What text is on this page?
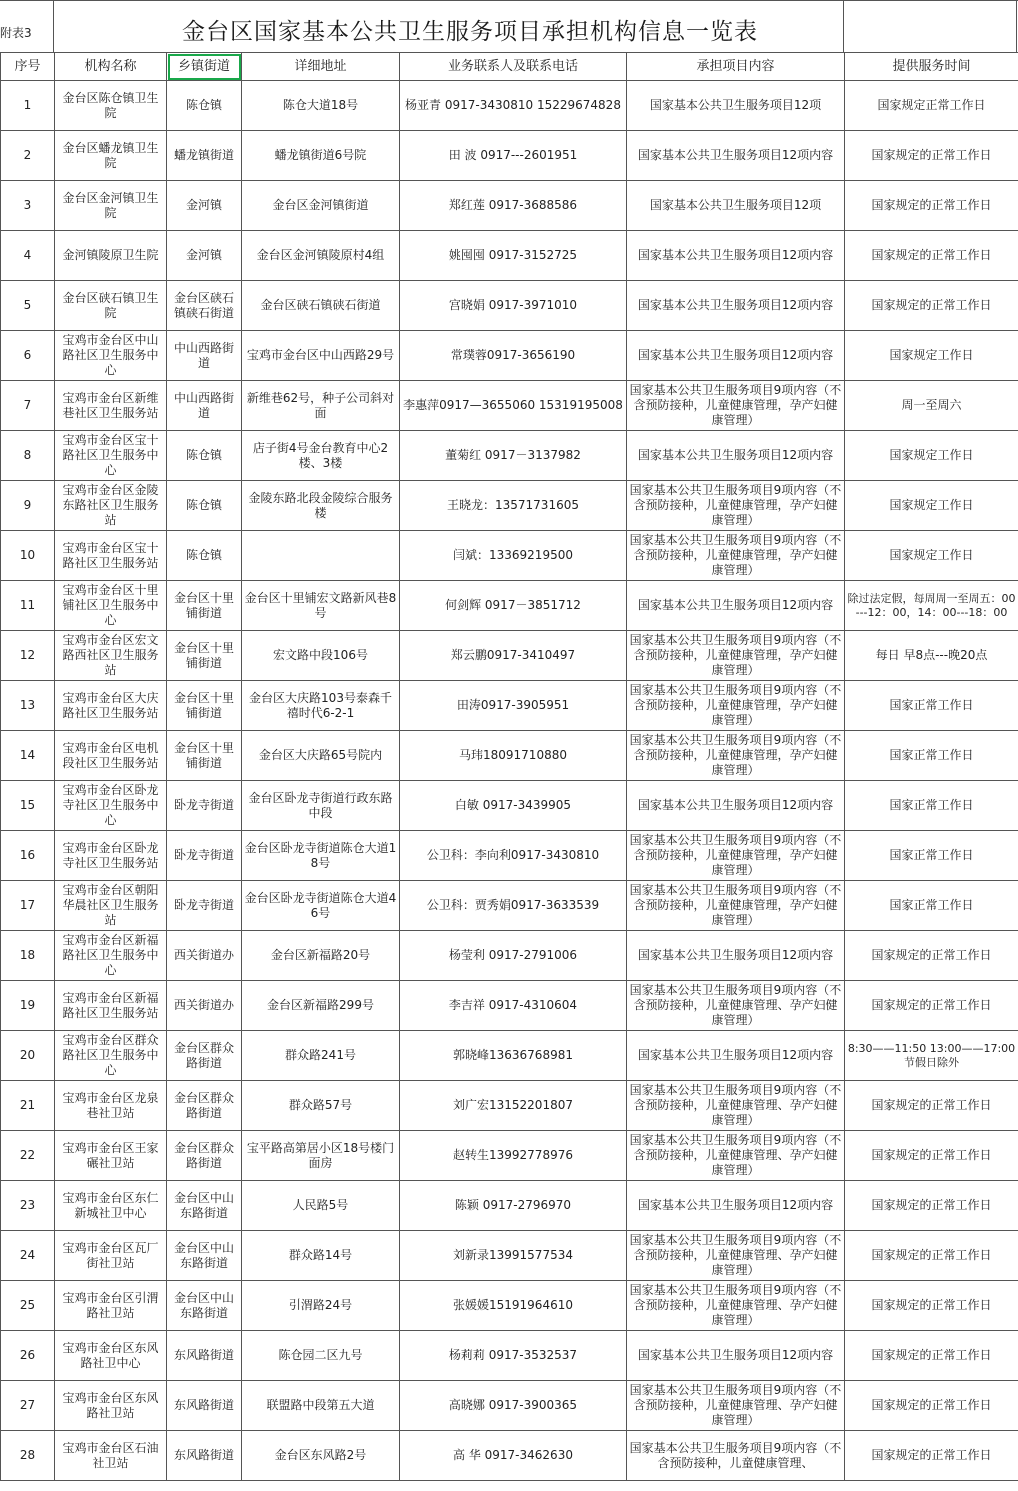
附表3	金台区国家基本公共卫生服务项目承担机构信息一览表
序号	机构名称	乡镇街道	详细地址	业务联系人及联系电话	承担项目内容	提供服务时间
1	金台区陈仓镇卫生院	陈仓镇	陈仓大道18号	杨亚青 0917-3430810 15229674828	国家基本公共卫生服务项目12项	国家规定正常工作日
2	金台区蟠龙镇卫生院	蟠龙镇街道	蟠龙镇街道6号院	田 波 0917---2601951	国家基本公共卫生服务项目12项内容	国家规定的正常工作日
3	金台区金河镇卫生院	金河镇	金台区金河镇街道	郑红莲 0917-3688586	国家基本公共卫生服务项目12项	国家规定的正常工作日
4	金河镇陵原卫生院	金河镇	金台区金河镇陵原村4组	姚囤囤 0917-3152725	国家基本公共卫生服务项目12项内容	国家规定的正常工作日
5	金台区硖石镇卫生院	金台区硖石镇硖石街道	金台区硖石镇硖石街道	宫晓娟 0917-3971010	国家基本公共卫生服务项目12项内容	国家规定的正常工作日
6	宝鸡市金台区中山路社区卫生服务中心	中山西路街道	宝鸡市金台区中山西路29号	常璞蓉0917-3656190	国家基本公共卫生服务项目12项内容	国家规定工作日
7	宝鸡市金台区新维巷社区卫生服务站	中山西路街道	新维巷62号，种子公司斜对面	李惠萍0917—3655060 15319195008	国家基本公共卫生服务项目9项内容（不含预防接种，儿童健康管理，孕产妇健康管理）	周一至周六
8	宝鸡市金台区宝十路社区卫生服务中心	陈仓镇	店子街4号金台教育中心2楼、3楼	董菊红 0917－3137982	国家基本公共卫生服务项目12项内容	国家规定工作日
9	宝鸡市金台区金陵东路社区卫生服务站	陈仓镇	金陵东路北段金陵综合服务楼	王晓龙：13571731605	国家基本公共卫生服务项目9项内容（不含预防接种，儿童健康管理，孕产妇健康管理）	国家规定工作日
10	宝鸡市金台区宝十路社区卫生服务站	陈仓镇		闫斌：13369219500	国家基本公共卫生服务项目9项内容（不含预防接种，儿童健康管理，孕产妇健康管理）	国家规定工作日
11	宝鸡市金台区十里铺社区卫生服务中心	金台区十里铺街道	金台区十里铺宏文路新风巷8号	何剑辉 0917－3851712	国家基本公共卫生服务项目12项内容	除过法定假，每周周一至周五：00---12：00，14：00---18：00
12	宝鸡市金台区宏文路西社区卫生服务站	金台区十里铺街道	宏文路中段106号	郑云鹏0917-3410497	国家基本公共卫生服务项目9项内容（不含预防接种，儿童健康管理，孕产妇健康管理）	每日 早8点---晚20点
13	宝鸡市金台区大庆路社区卫生服务站	金台区十里铺街道	金台区大庆路103号泰森千禧时代6-2-1	田涛0917-3905951	国家基本公共卫生服务项目9项内容（不含预防接种，儿童健康管理，孕产妇健康管理）	国家正常工作日
14	宝鸡市金台区电机段社区卫生服务站	金台区十里铺街道	金台区大庆路65号院内	马玮18091710880	国家基本公共卫生服务项目9项内容（不含预防接种，儿童健康管理，孕产妇健康管理）	国家正常工作日
15	宝鸡市金台区卧龙寺社区卫生服务中心	卧龙寺街道	金台区卧龙寺街道行政东路中段	白敏 0917-3439905	国家基本公共卫生服务项目12项内容	国家正常工作日
16	宝鸡市金台区卧龙寺社区卫生服务站	卧龙寺街道	金台区卧龙寺街道陈仓大道18号	公卫科：李向利0917-3430810	国家基本公共卫生服务项目9项内容（不含预防接种，儿童健康管理，孕产妇健康管理）	国家正常工作日
17	宝鸡市金台区朝阳华晨社区卫生服务站	卧龙寺街道	金台区卧龙寺街道陈仓大道46号	公卫科：贾秀娟0917-3633539	国家基本公共卫生服务项目9项内容（不含预防接种，儿童健康管理，孕产妇健康管理）	国家正常工作日
18	宝鸡市金台区新福路社区卫生服务中心	西关街道办	金台区新福路20号	杨莹利 0917-2791006	国家基本公共卫生服务项目12项内容	国家规定的正常工作日
19	宝鸡市金台区新福路社区卫生服务站	西关街道办	金台区新福路299号	李吉祥 0917-4310604	国家基本公共卫生服务项目9项内容（不含预防接种，儿童健康管理、孕产妇健康管理）	国家规定的正常工作日
20	宝鸡市金台区群众路社区卫生服务中心	金台区群众路街道	群众路241号	郭晓峰13636768981	国家基本公共卫生服务项目12项内容	8:30——11:50 13:00——17:00 节假日除外
21	宝鸡市金台区龙泉巷社卫站	金台区群众路街道	群众路57号	刘广宏13152201807	国家基本公共卫生服务项目9项内容（不含预防接种，儿童健康管理、孕产妇健康管理）	国家规定的正常工作日
22	宝鸡市金台区王家碾社卫站	金台区群众路街道	宝平路高第居小区18号楼门面房	赵转生13992778976	国家基本公共卫生服务项目9项内容（不含预防接种，儿童健康管理、孕产妇健康管理）	国家规定的正常工作日
23	宝鸡市金台区东仁新城社卫中心	金台区中山东路街道	人民路5号	陈颖 0917-2796970	国家基本公共卫生服务项目12项内容	国家规定的正常工作日
24	宝鸡市金台区瓦厂街社卫站	金台区中山东路街道	群众路14号	刘新录13991577534	国家基本公共卫生服务项目9项内容（不含预防接种，儿童健康管理、孕产妇健康管理）	国家规定的正常工作日
25	宝鸡市金台区引渭路社卫站	金台区中山东路街道	引渭路24号	张媛媛15191964610	国家基本公共卫生服务项目9项内容（不含预防接种，儿童健康管理、孕产妇健康管理）	国家规定的正常工作日
26	宝鸡市金台区东风路社卫中心	东风路街道	陈仓园二区九号	杨莉莉 0917-3532537	国家基本公共卫生服务项目12项内容	国家规定的正常工作日
27	宝鸡市金台区东风路社卫站	东风路街道	联盟路中段第五大道	高晓娜 0917-3900365	国家基本公共卫生服务项目9项内容（不含预防接种，儿童健康管理、孕产妇健康管理）	国家规定的正常工作日
28	宝鸡市金台区石油社卫站	东风路街道	金台区东风路2号	高 华 0917-3462630	国家基本公共卫生服务项目9项内容（不含预防接种，儿童健康管理、	国家规定的正常工作日
